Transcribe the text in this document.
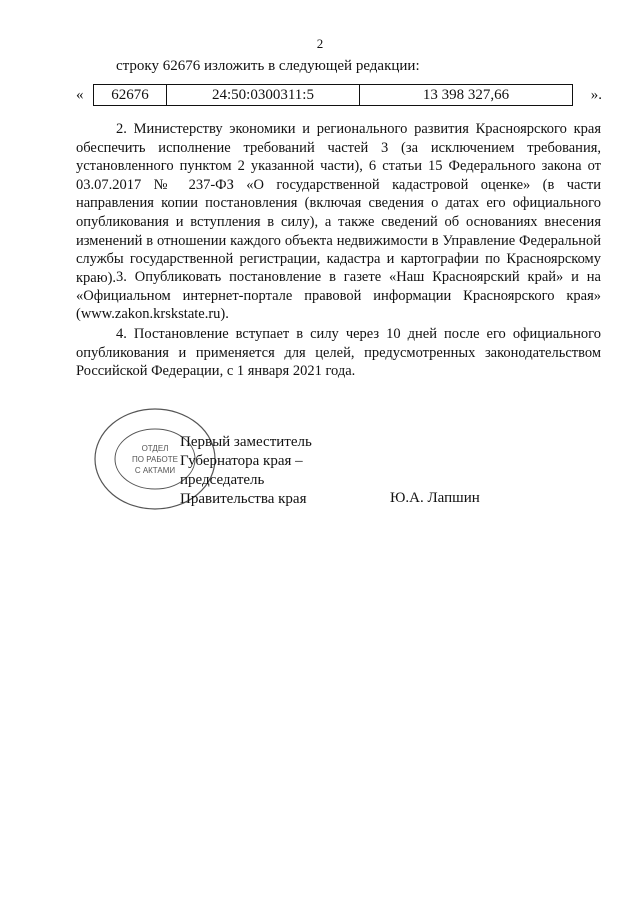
2
строку 62676 изложить в следующей редакции:
« 62676	24:50:0300311:5	13 398 327,66	».

2. Министерству экономики и регионального развития Красноярского края обеспечить исполнение требований частей 3 (за исключением требования, установленного пунктом 2 указанной части), 6 статьи 15 Федерального закона от 03.07.2017 № 237-ФЗ «О государственной кадастровой оценке» (в части направления копии постановления (включая сведения о датах его официального опубликования и вступления в силу), а также сведений об основаниях внесения изменений в отношении каждого объекта недвижимости в Управление Федеральной службы государственной регистрации, кадастра и картографии по Красноярскому краю). 3. Опубликовать постановление в газете «Наш Красноярский край» и на «Официальном интернет-портале правовой информации Красноярского края» (www.zakon.krskstate.ru).

4. Постановление вступает в силу через 10 дней после его официального опубликования и применяется для целей, предусмотренных законодательством Российской Федерации, с 1 января 2021 года.

ОТДЕЛ
ПО РАБОТЕ
С АКТАМИ
Первый заместитель
Губернатора края –
председатель
Правительства края	Ю.А. Лапшин
